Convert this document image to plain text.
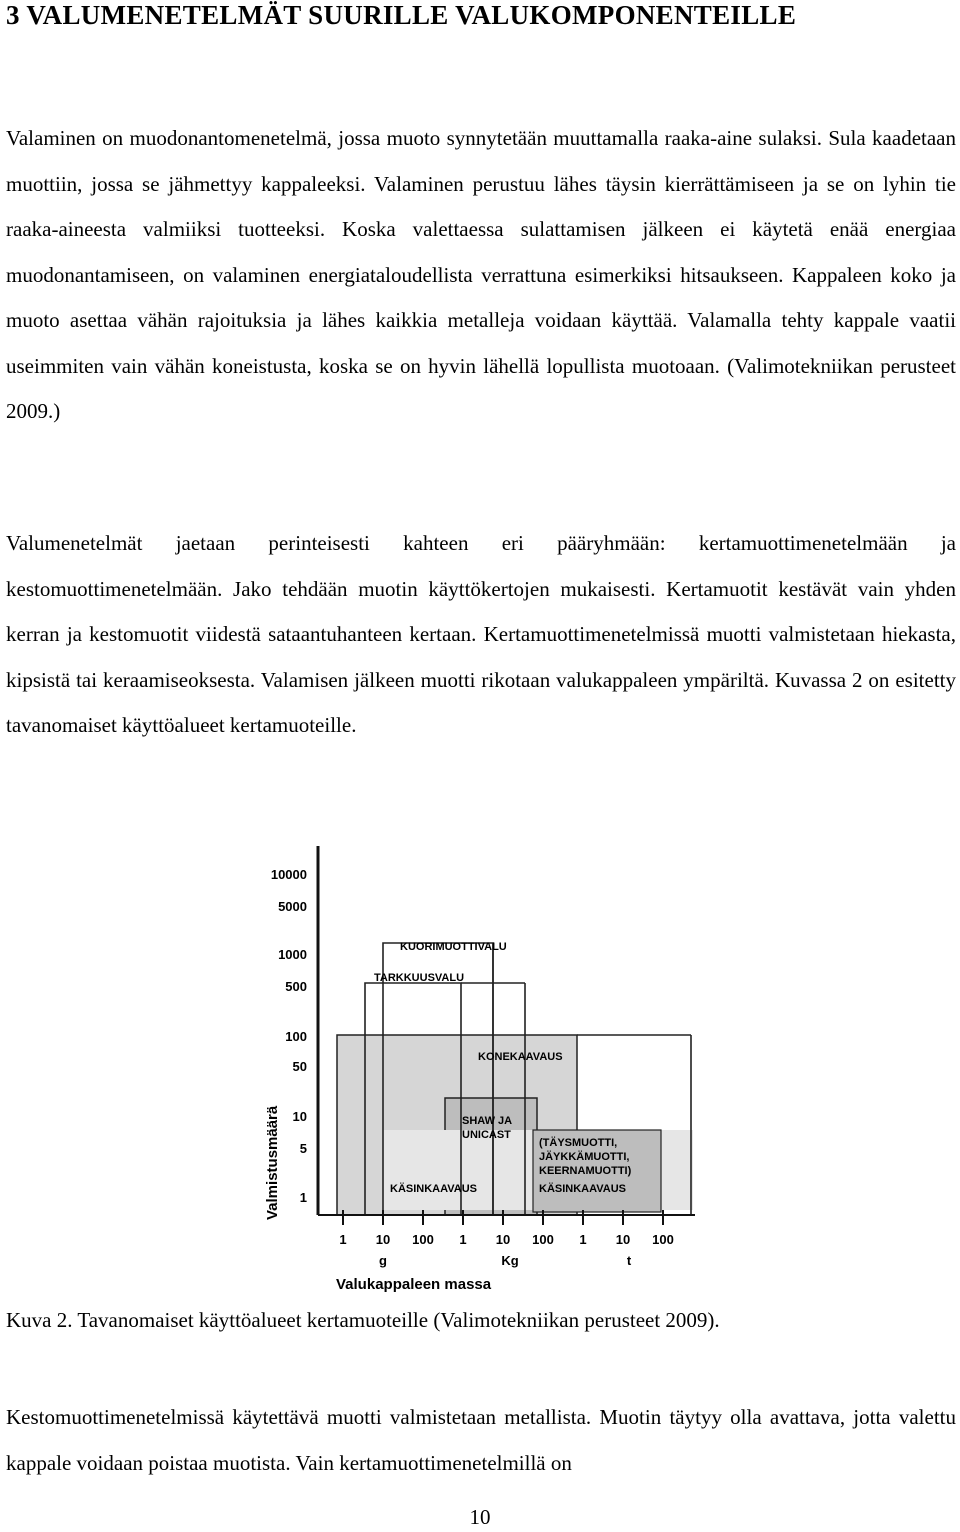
3 VALUMENETELMÄT SUURILLE VALUKOMPONENTEILLE

Valaminen on muodonantomenetelmä, jossa muoto synnytetään muuttamalla raaka-aine sulaksi. Sula kaadetaan muottiin, jossa se jähmettyy kappaleeksi. Valaminen perustuu lähes täysin kierrättämiseen ja se on lyhin tie raaka-aineesta valmiiksi tuotteeksi. Koska valettaessa sulattamisen jälkeen ei käytetä enää energiaa muodonantamiseen, on valaminen energiataloudellista verrattuna esimerkiksi hitsaukseen. Kappaleen koko ja muoto asettaa vähän rajoituksia ja lähes kaikkia metalleja voidaan käyttää. Valamalla tehty kappale vaatii useimmiten vain vähän koneistusta, koska se on hyvin lähellä lopullista muotoaan. (Valimotekniikan perusteet 2009.)

Valumenetelmät jaetaan perinteisesti kahteen eri pääryhmään: kertamuottimenetelmään ja kestomuottimenetelmään. Jako tehdään muotin käyttökertojen mukaisesti. Kertamuotit kestävät vain yhden kerran ja kestomuotit viidestä sataantuhanteen kertaan. Kertamuottimenetelmissä muotti valmistetaan hiekasta, kipsistä tai keraamiseoksesta. Valamisen jälkeen muotti rikotaan valukappaleen ympäriltä. Kuvassa 2 on esitetty tavanomaiset käyttöalueet kertamuoteille.

10000
5000
1000
500
100
50
10
5
1
Valmistusmäärä
1 10 100 1 10 100 1 10 100
g	Kg	t
Valukappaleen massa
KUORIMUOTTIVALU
TARKKUUSVALU
KONEKAAVAUS
SHAW JA
UNICAST
(TÄYSMUOTTI,
JÄYKKÄMUOTTI,
KEERNAMUOTTI)
KÄSINKAAVAUS	KÄSINKAAVAUS
Kuva 2. Tavanomaiset käyttöalueet kertamuoteille (Valimotekniikan perusteet 2009).

Kestomuottimenetelmissä käytettävä muotti valmistetaan metallista. Muotin täytyy olla avattava, jotta valettu kappale voidaan poistaa muotista. Vain kertamuottimenetelmillä on

10
